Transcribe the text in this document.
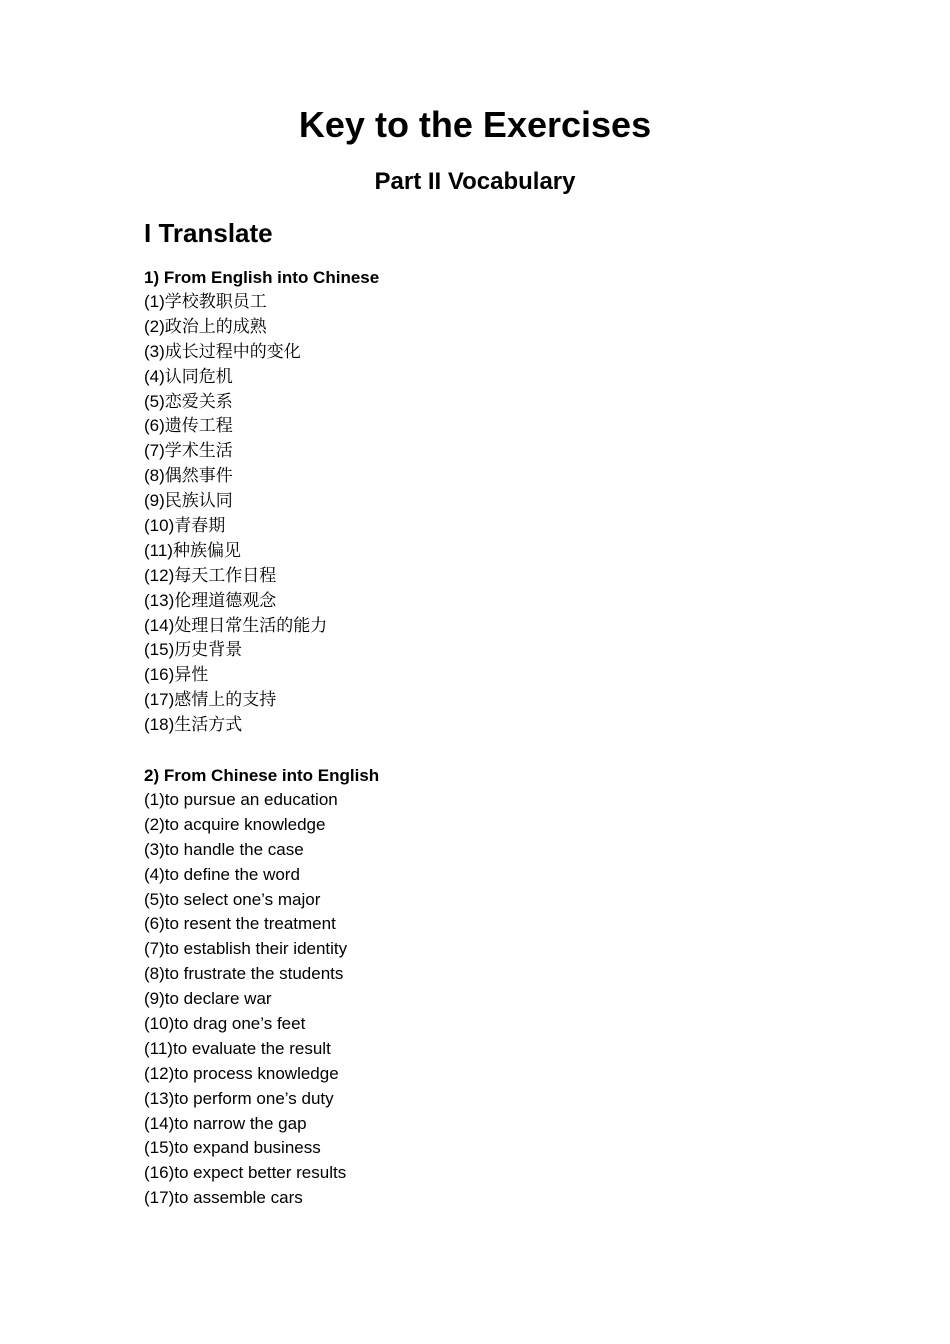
Key to the Exercises
Part II Vocabulary
I Translate
1) From English into Chinese
(1)学校教职员工
(2)政治上的成熟
(3)成长过程中的变化
(4)认同危机
(5)恋爱关系
(6)遗传工程
(7)学术生活
(8)偶然事件
(9)民族认同
(10)青春期
(11)种族偏见
(12)每天工作日程
(13)伦理道德观念
(14)处理日常生活的能力
(15)历史背景
(16)异性
(17)感情上的支持
(18)生活方式
2) From Chinese into English
(1)to pursue an education
(2)to acquire knowledge
(3)to handle the case
(4)to define the word
(5)to select one’s major
(6)to resent the treatment
(7)to establish their identity
(8)to frustrate the students
(9)to declare war
(10)to drag one’s feet
(11)to evaluate the result
(12)to process knowledge
(13)to perform one’s duty
(14)to narrow the gap
(15)to expand business
(16)to expect better results
(17)to assemble cars
